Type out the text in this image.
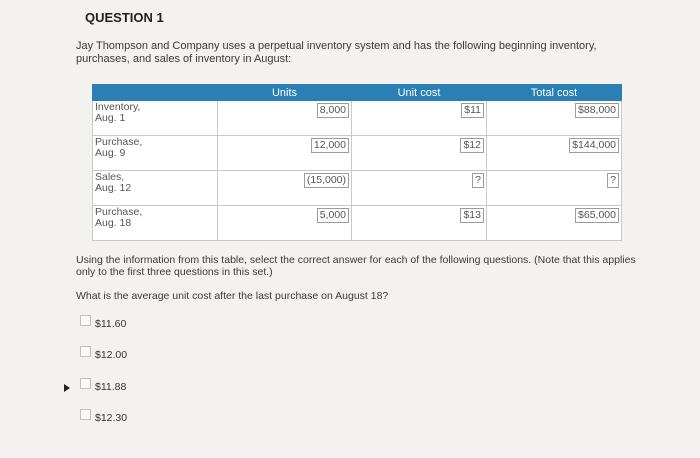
QUESTION 1
Jay Thompson and Company uses a perpetual inventory system and has the following beginning inventory, purchases, and sales of inventory in August:
	Units	Unit cost	Total cost

Inventory,
Aug. 1	8,000	$11	$88,000

Purchase,
Aug. 9	12,000	$12	$144,000

Sales,
Aug. 12	(15,000)	?	?

Purchase,
Aug. 18	5,000	$13	$65,000
Using the information from this table, select the correct answer for each of the following questions. (Note that this applies only to the first three questions in this set.)
What is the average unit cost after the last purchase on August 18?
$11.60
$12.00
$11.88
$12.30
